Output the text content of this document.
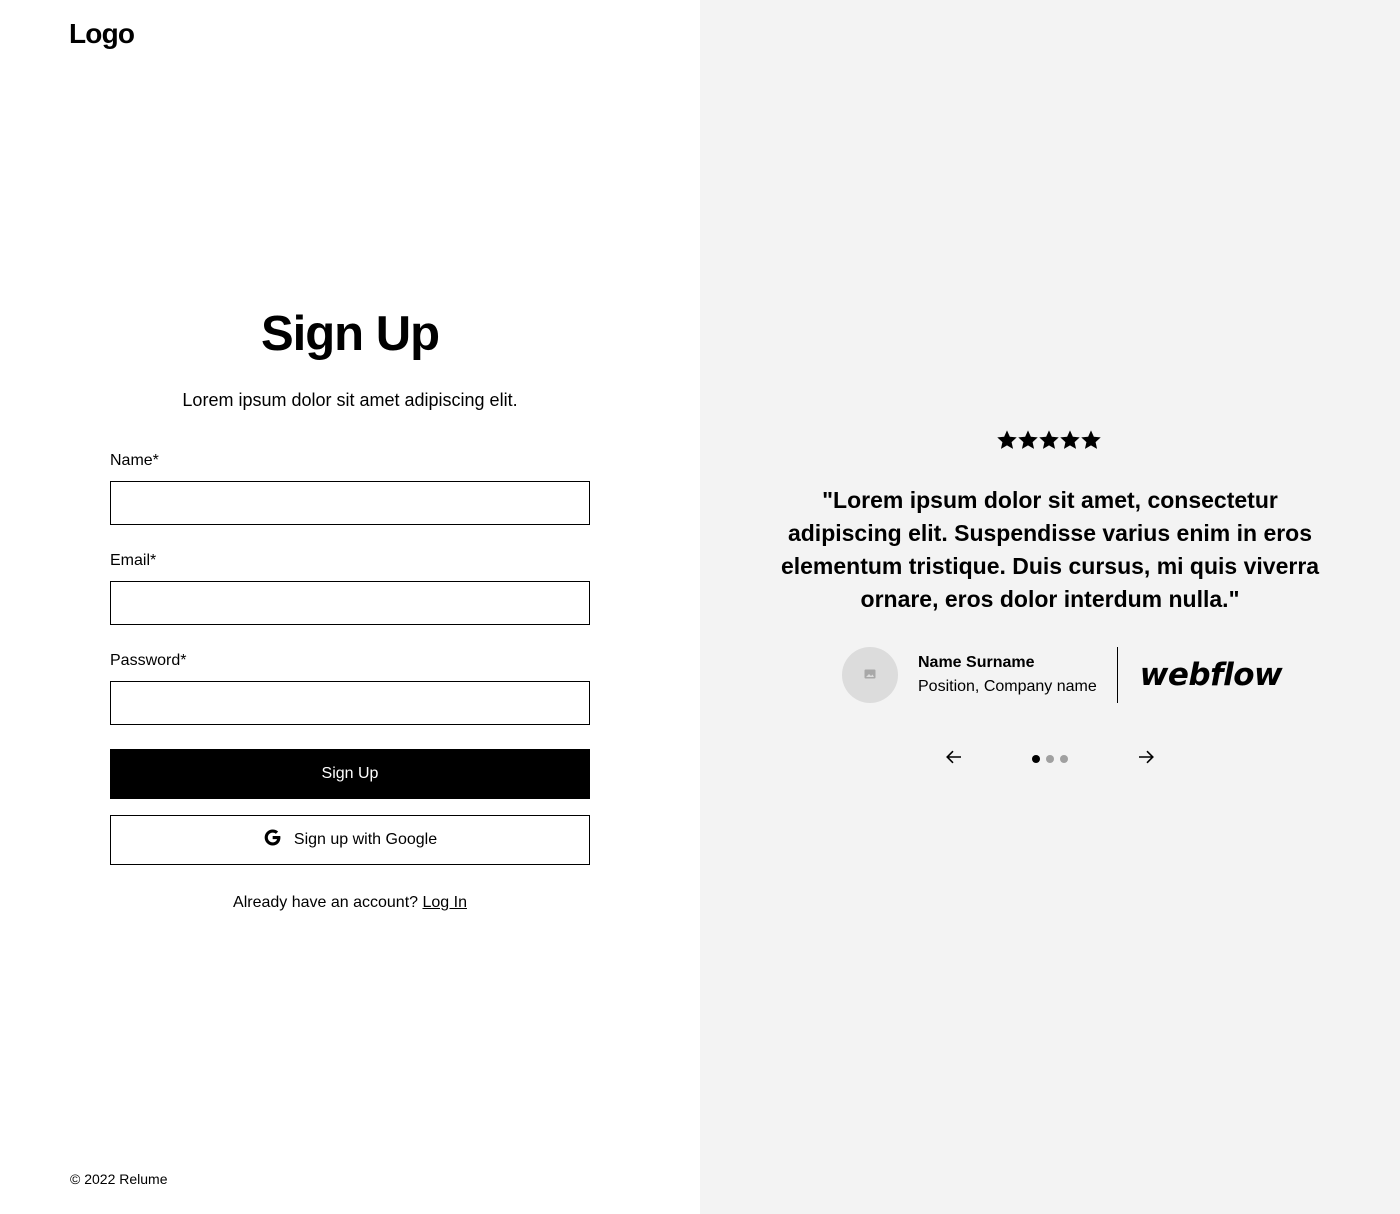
Logo
Sign Up

Lorem ipsum dolor sit amet adipiscing elit.

Name*
Email*
Password*
Sign Up
Sign up with Google

Already have an account? Log In

© 2022 Relume

"Lorem ipsum dolor sit amet, consectetur adipiscing elit. Suspendisse varius enim in eros elementum tristique. Duis cursus, mi quis viverra ornare, eros dolor interdum nulla."

Name Surname
Position, Company name webflow
